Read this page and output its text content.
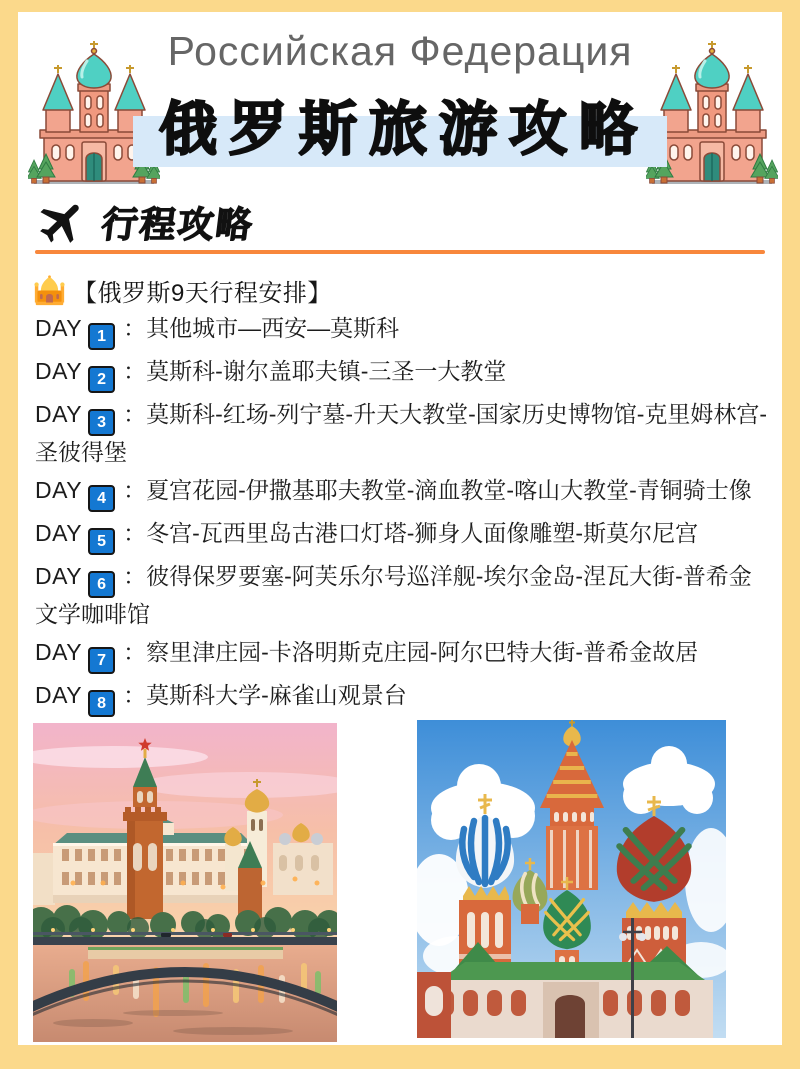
Российская Федерация
俄罗斯旅游攻略
行程攻略
【俄罗斯9天行程安排】
DAY 1 ：其他城市—西安—莫斯科
DAY 2 ：莫斯科-谢尔盖耶夫镇-三圣一大教堂
DAY 3 ：莫斯科-红场-列宁墓-升天大教堂-国家历史博物馆-克里姆林宫-
圣彼得堡
DAY 4 ：夏宫花园-伊撒基耶夫教堂-滴血教堂-喀山大教堂-青铜骑士像
DAY 5 ：冬宫-瓦西里岛古港口灯塔-狮身人面像雕塑-斯莫尔尼宫
DAY 6 ：彼得保罗要塞-阿芙乐尔号巡洋舰-埃尔金岛-涅瓦大街-普希金
文学咖啡馆
DAY 7 ：察里津庄园-卡洛明斯克庄园-阿尔巴特大街-普希金故居
DAY 8 ：莫斯科大学-麻雀山观景台
